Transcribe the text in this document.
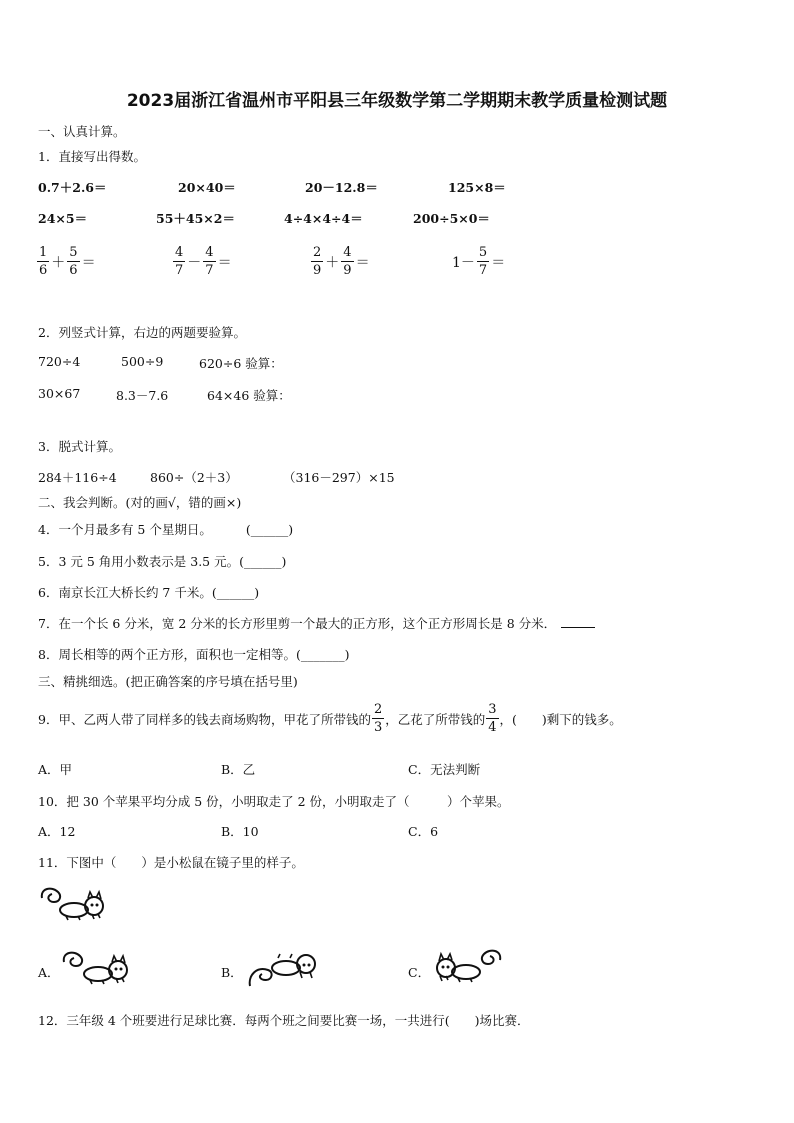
2023届浙江省温州市平阳县三年级数学第二学期期末教学质量检测试题
一、认真计算。
1．直接写出得数。
0.7＋2.6＝	20×40＝	20－12.8＝	125×8＝
24×5＝	55＋45×2＝	4÷4×4÷4＝	200÷5×0＝
$\frac{1}{6} + \frac{5}{6}$ ＝	$\frac{4}{7} - \frac{4}{7}$ ＝	$\frac{2}{9} + \frac{4}{9}$ ＝	$1- \frac{5}{7}$ ＝
2．列竖式计算，右边的两题要验算。
720÷4	500÷9	620÷6 验算：
30×67	8.3－7.6	64×46 验算：
3．脱式计算。
284＋116÷4	860÷（2＋3）	（316－297）×15
二、我会判断。(对的画√，错的画×)
4．一个月最多有 5 个星期日。	(______)
5．3 元 5 角用小数表示是 3.5 元。(______)
6．南京长江大桥长约 7 千米。(______)
7．在一个长 6 分米，宽 2 分米的长方形里剪一个最大的正方形，这个正方形周长是 8 分米．
8．周长相等的两个正方形，面积也一定相等。(_______)
三、精挑细选。(把正确答案的序号填在括号里)
9．甲、乙两人带了同样多的钱去商场购物，甲花了所带钱的 $\frac{2}{3}$ ，乙花了所带钱的 $\frac{3}{4}$ ，(　　)剩下的钱多。
A．甲	B．乙	C．无法判断
10．把 30 个苹果平均分成 5 份，小明取走了 2 份，小明取走了（　　　）个苹果。
A．12	B．10	C．6
11．下图中（　　）是小松鼠在镜子里的样子。
A．	B．	C．
12．三年级 4 个班要进行足球比赛．每两个班之间要比赛一场，一共进行(　　)场比赛．
